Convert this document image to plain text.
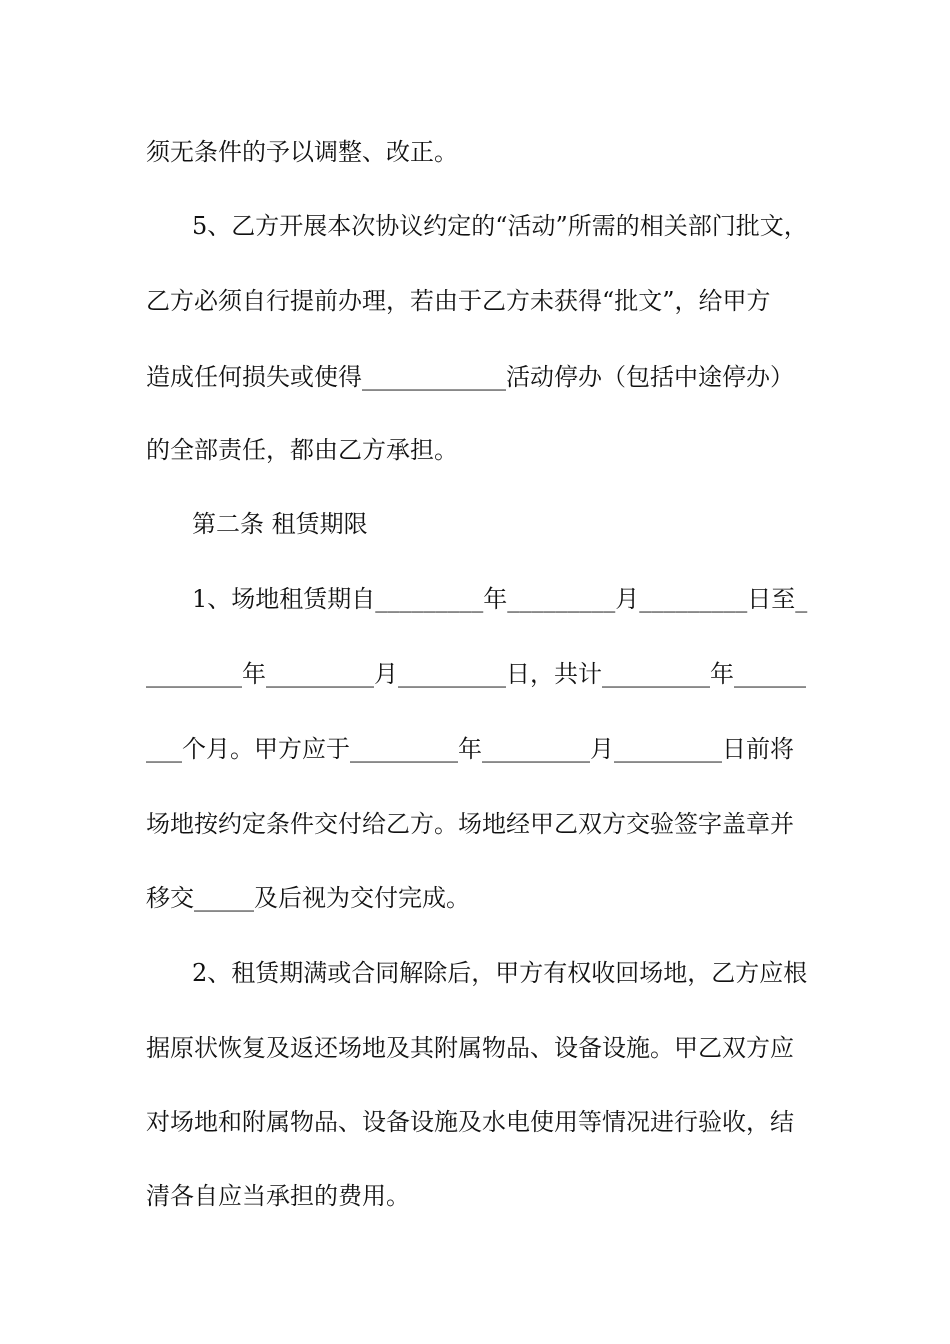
须无条件的予以调整、改正。

5、乙方开展本次协议约定的“活动”所需的相关部门批文，

乙方必须自行提前办理，若由于乙方未获得“批文”，给甲方

造成任何损失或使得____________活动停办（包括中途停办）

的全部责任，都由乙方承担。

第二条 租赁期限

1、场地租赁期自_________年_________月_________日至_

________年_________月_________日，共计_________年______

___个月。甲方应于_________年_________月_________日前将

场地按约定条件交付给乙方。场地经甲乙双方交验签字盖章并

移交_____及后视为交付完成。

2、租赁期满或合同解除后，甲方有权收回场地，乙方应根

据原状恢复及返还场地及其附属物品、设备设施。甲乙双方应

对场地和附属物品、设备设施及水电使用等情况进行验收，结

清各自应当承担的费用。
